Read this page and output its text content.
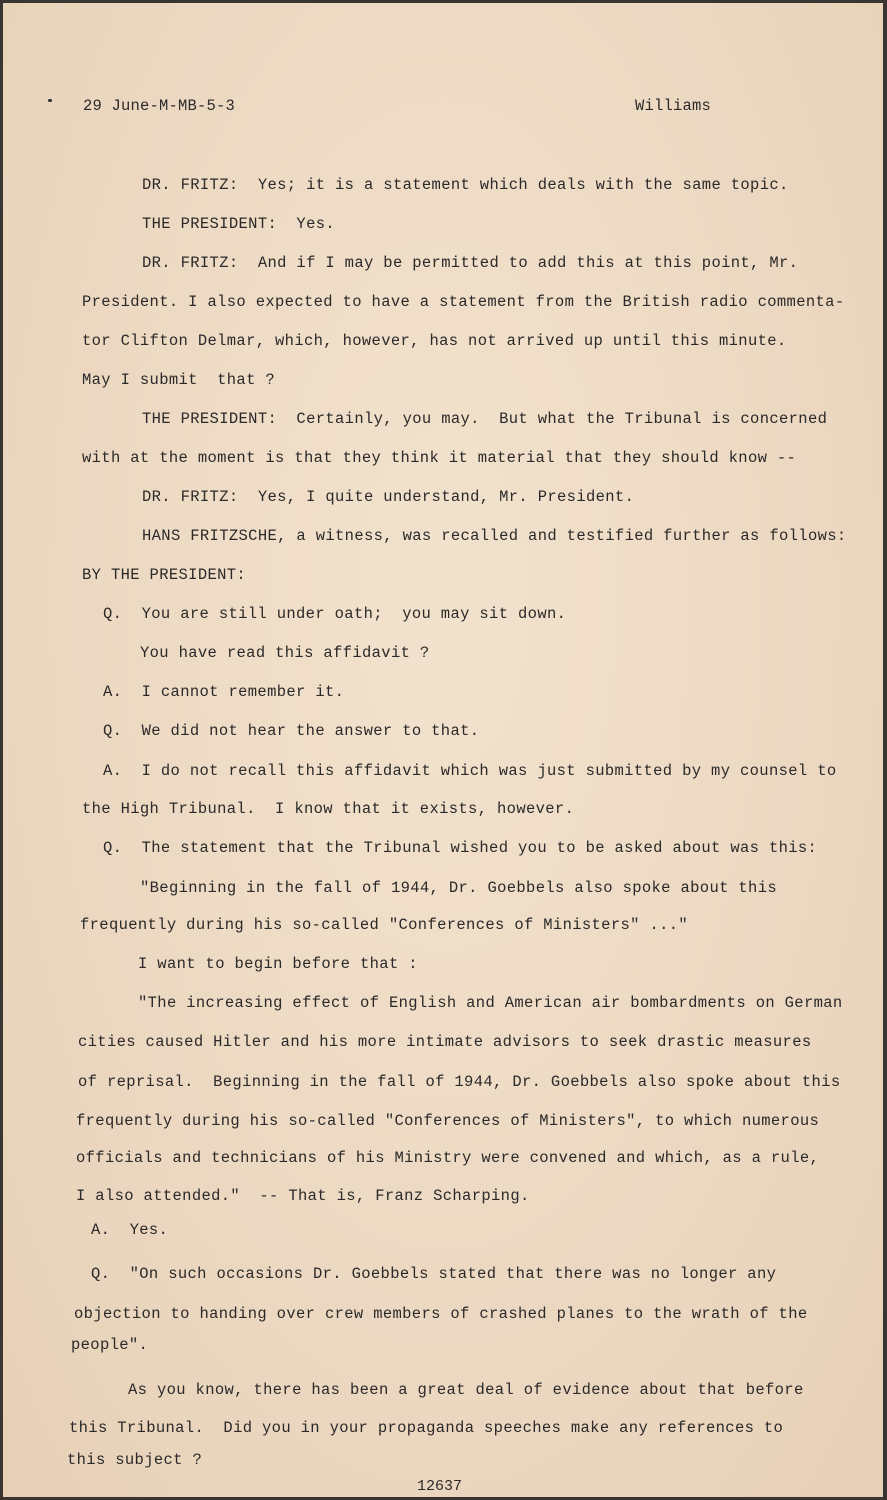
29 June-M-MB-5-3	Williams
DR. FRITZ:  Yes; it is a statement which deals with the same topic.
THE PRESIDENT:  Yes.
DR. FRITZ:  And if I may be permitted to add this at this point, Mr.
President. I also expected to have a statement from the British radio commenta-
tor Clifton Delmar, which, however, has not arrived up until this minute.
May I submit  that ?
THE PRESIDENT:  Certainly, you may.  But what the Tribunal is concerned
with at the moment is that they think it material that they should know --
DR. FRITZ:  Yes, I quite understand, Mr. President.
HANS FRITZSCHE, a witness, was recalled and testified further as follows:
BY THE PRESIDENT:
Q.  You are still under oath;  you may sit down.
You have read this affidavit ?
A.  I cannot remember it.
Q.  We did not hear the answer to that.
A.  I do not recall this affidavit which was just submitted by my counsel to
the High Tribunal.  I know that it exists, however.
Q.  The statement that the Tribunal wished you to be asked about was this:
"Beginning in the fall of 1944, Dr. Goebbels also spoke about this
frequently during his so-called "Conferences of Ministers" ..."
I want to begin before that :
"The increasing effect of English and American air bombardments on German
cities caused Hitler and his more intimate advisors to seek drastic measures
of reprisal.  Beginning in the fall of 1944, Dr. Goebbels also spoke about this
frequently during his so-called "Conferences of Ministers", to which numerous
officials and technicians of his Ministry were convened and which, as a rule,
I also attended."  -- That is, Franz Scharping.
A.  Yes.
Q.  "On such occasions Dr. Goebbels stated that there was no longer any
objection to handing over crew members of crashed planes to the wrath of the
people".
As you know, there has been a great deal of evidence about that before
this Tribunal.  Did you in your propaganda speeches make any references to
this subject ?
12637
